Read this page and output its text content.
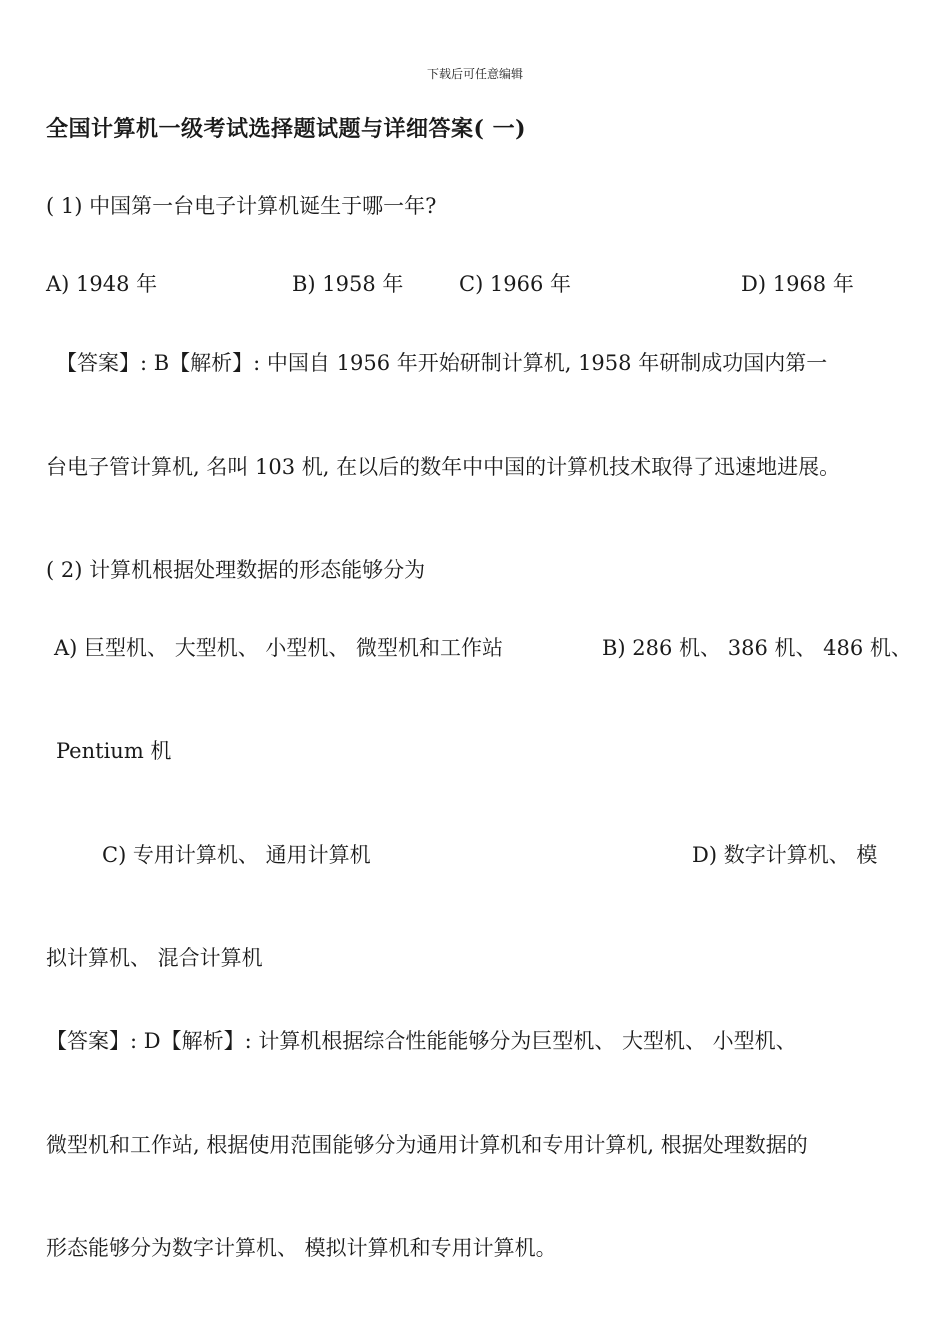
下载后可任意编辑
全国计算机一级考试选择题试题与详细答案( 一)
( 1) 中国第一台电子计算机诞生于哪一年?
A) 1948 年	B) 1958 年	C) 1966 年	D) 1968 年
【答案】: B【解析】: 中国自 1956 年开始研制计算机, 1958 年研制成功国内第一
台电子管计算机, 名叫 103 机, 在以后的数年中中国的计算机技术取得了迅速地进展。
( 2) 计算机根据处理数据的形态能够分为
A) 巨型机、 大型机、 小型机、 微型机和工作站	B) 286 机、 386 机、 486 机、
Pentium 机
C) 专用计算机、 通用计算机	D) 数字计算机、 模
拟计算机、 混合计算机
【答案】: D【解析】: 计算机根据综合性能能够分为巨型机、 大型机、 小型机、
微型机和工作站, 根据使用范围能够分为通用计算机和专用计算机, 根据处理数据的
形态能够分为数字计算机、 模拟计算机和专用计算机。
